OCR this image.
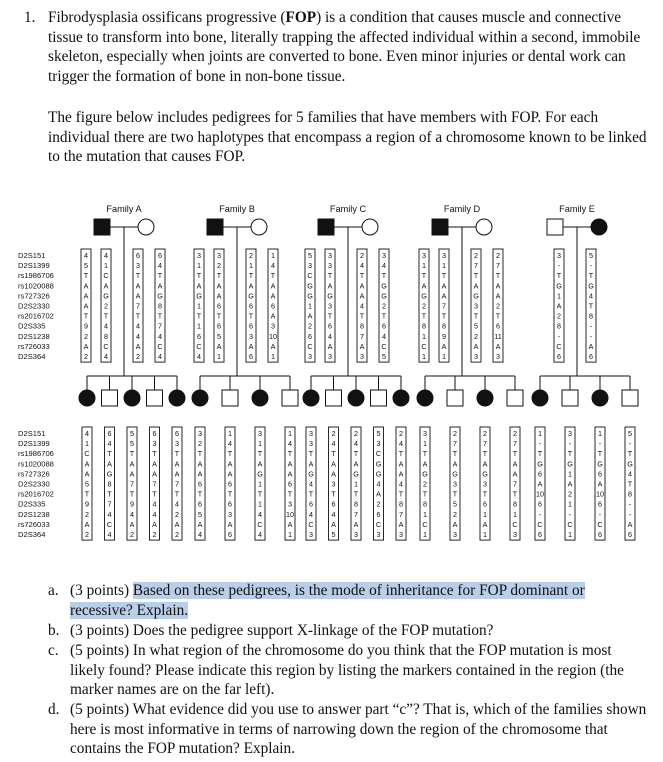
1. Fibrodysplasia ossificans progressive (FOP) is a condition that causes muscle and connective tissue to transform into bone, literally trapping the affected individual within a second, immobile skeleton, especially when joints are converted to bone. Even minor injuries or dental work can trigger the formation of bone in non-bone tissue.
The figure below includes pedigrees for 5 families that have members with FOP. For each individual there are two haplotypes that encompass a region of a chromosome known to be linked to the mutation that causes FOP.
D2S151
D2S151
D2S1399
D2S1399
rs1986706
rs1986706
rs1020088
rs1020088
rs727326
rs727326
D2S2330
D2S2330
rs2016702
rs2016702
D2S335
D2S335
D2S1238
D2S1238
rs726033
rs726033
D2S364
D2S364
Family A
4
5
T
A
A
A
T
9
2
A
2
4
1
C
A
G
2
T
4
8
C
4
6
3
T
A
A
7
T
4
4
A
2
6
4
T
A
G
8
T
7
4
C
4
4
1
C
A
A
5
T
9
2
A
2
6
4
T
A
G
8
T
7
4
C
4
5
5
T
A
A
7
T
9
4
A
2
6
3
T
A
A
7
T
4
4
A
2
6
3
T
A
A
7
T
4
2
A
2
Family B
3
1
T
A
G
1
T
1
6
C
4
3
2
T
A
A
6
T
6
5
A
1
2
1
T
A
G
6
T
6
3
A
6
1
4
T
A
A
6
A
3
10
A
1
3
2
T
A
A
6
T
6
5
A
4
1
4
T
A
A
6
T
6
3
A
6
3
1
T
A
G
1
T
1
4
C
4
1
4
T
A
A
6
T
3
10
A
1
Family C
5
3
C
G
G
1
A
2
6
C
3
3
3
T
A
G
3
T
6
4
A
3
2
4
T
A
A
4
T
8
7
A
3
3
4
T
G
G
2
T
6
4
C
5
3
3
T
A
G
4
T
6
4
C
3
2
4
T
A
A
3
T
6
4
A
5
2
4
T
A
G
1
T
8
7
A
3
5
3
C
G
G
4
A
2
6
C
3
2
4
T
A
A
4
T
8
7
A
3
Family D
3
1
T
A
G
2
T
8
1
C
1
3
1
T
A
A
7
T
8
9
A
1
2
7
T
A
G
3
T
5
2
A
3
2
7
T
A
A
2
T
6
11
A
3
3
1
T
A
G
2
T
8
1
C
1
2
7
T
A
G
3
T
5
2
A
3
2
7
T
A
G
3
T
6
1
A
1
2
7
T
A
A
7
T
8
1
C
3
Family E
3
-
T
G
1
A
2
8
-
C
6
5
-
T
G
4
T
8
-
-
A
6
1
-
T
G
6
A
10
6
-
C
6
3
-
T
G
1
A
2
1
-
C
1
1
-
T
G
6
A
10
6
-
C
6
5
-
T
G
4
T
8
-
-
A
6
a. (3 points) Based on these pedigrees, is the mode of inheritance for FOP dominant or recessive? Explain.
b. (3 points) Does the pedigree support X-linkage of the FOP mutation?
c. (5 points) In what region of the chromosome do you think that the FOP mutation is most likely found? Please indicate this region by listing the markers contained in the region (the marker names are on the far left).
d. (5 points) What evidence did you use to answer part “c”? That is, which of the families shown here is most informative in terms of narrowing down the region of the chromosome that contains the FOP mutation? Explain.
